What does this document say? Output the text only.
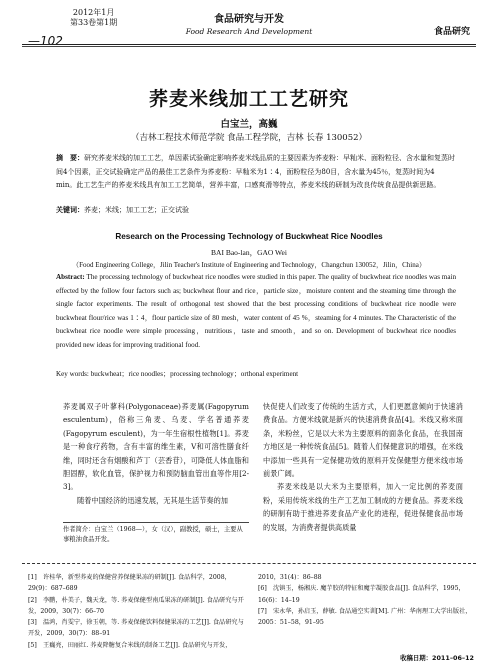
2012年1月
第33卷第1期	食品研究与开发
Food Research And Development	食品研究
—102
荞麦米线加工工艺研究
白宝兰，高巍
（吉林工程技术师范学院 食品工程学院，吉林 长春 130052）
摘　要：研究荞麦米线的加工工艺，单因素试验确定影响荞麦米线品质的主要因素为荞麦粉：早籼米、面粉粒径、含水量和复蒸时间4个因素，正交试验确定产品的最佳工艺条件为荞麦粉：早籼米为1∶4，面粉粒径为80目，含水量为45％，复蒸时间为4 min。此工艺生产的荞麦米线具有加工工艺简单，营养丰富，口感爽滑等特点，荞麦米线的研制为改良传统食品提供新思路。
关键词：荞麦；米线；加工工艺；正交试验
Research on the Processing Technology of Buckwheat Rice Noodles
BAI Bao-lan，GAO Wei
（Food Engineering College，Jilin Teacher's Institute of Engineering and Technology，Changchun 130052，Jilin，China）
Abstract: The processing technology of buckwheat rice noodles were studied in this paper. The quality of buckwheat rice noodles was main effected by the follow four factors such as; buckwheat flour and rice，particle size，moisture content and the steaming time through the single factor experiments. The result of orthogonal test showed that the best processing conditions of buckwheat rice noodle were buckwheat flour/rice was 1∶4，flour particle size of 80 mesh，water content of 45 %，steaming for 4 minutes. The Characteristic of the buckwheat rice noodle were simple processing，nutritious，taste and smooth，and so on. Development of buckwheat rice noodles provided new ideas for improving traditional food.
Key words: buckwheat；rice noodles；processing technology；orthonal experiment
荞麦属双子叶蓼科(Polygonaceae)荞麦属(Fagopyrum esculentum)，俗称三角麦、乌麦、学名普通荞麦(Fagopyrum esculent)，为一年生宿根性植物[1]。荞麦是一种食疗药物，含有丰富的维生素，V和可溶性膳食纤维，同时还含有烟酸和芦丁（芸香苷），可降低人体血脂和胆固醇，软化血管，保护视力和预防脑血管出血等作用[2-3]。
随着中国经济的迅速发展，无其是生活节奏的加
作者简介：白宝兰（1968—），女（汉），副教授，硕士，主要从事粮油食品开发。
快促使人们改变了传统的生活方式，人们更愿意倾向于快速消费食品。方便米线就是新兴的快速消费食品[4]。米线又称米面条，米粉丝，它是以大米为主要原料的面条化食品，在我国南方地区是一种传统食品[5]。随着人们保健意识的增强，在米线中添加一些具有一定保健功效的原料开发保健型方便米线市场前景广阔。
荞麦米线是以大米为主要原料，加入一定比例的荞麦面粉，采用传统米线的生产工艺加工制成的方便食品。荞麦米线的研制有助于推进荞麦食品产业化的进程，促进保健食品市场的发展，为消费者提供高质量
[1]　许桂华，新型荞麦的保健营养保健果冻的研制[J]. 食品科学，2008，29(9)：687–689
[2]　李鹏，朴美子，魏天龙，等. 荞麦保健型南瓜果冻的研制[J]. 食品研究与开发，2009，30(7)：66–70
[3]　温鸿，肖雯宁，徐玉朝，等. 荞麦保健饮料保健果冻的工艺[J]. 食品研究与开发，2009，30(7)：88–91
[5]　王巍亮，田丽红. 荞麦降糖复合米线的制备工艺[J]. 食品研究与开发，
2010，31(4)：86–88
[6]　沈镇玉，杨湘庆. 魔芋胶的特征和魔芋凝胶食品[J]. 食品科学，1995，16(6)：14–19
[7]　宋永华，孙启玉，薛敏. 食品通空实训[M]. 广州：华南理工大学出版社，2005：51–58，91–95
收稿日期：2011–06–12
